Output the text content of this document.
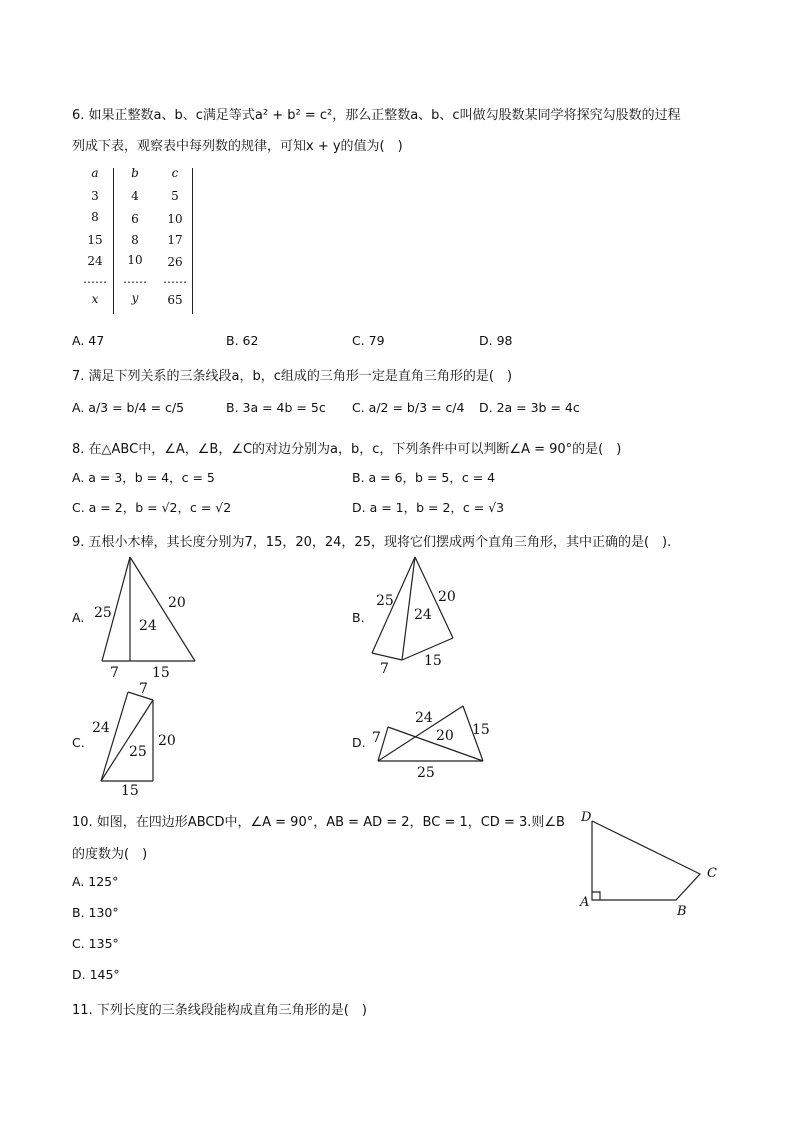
6. 如果正整数a、b、c满足等式a² + b² = c²，那么正整数a、b、c叫做勾股数某同学将探究勾股数的过程
列成下表，观察表中每列数的规律，可知x + y的值为(　)
a	b	c
3	4	5
8	6	10
15	8	17
24	10	26
……	……	……
x	y	65
A. 47	B. 62	C. 79	D. 98
7. 满足下列关系的三条线段a，b，c组成的三角形一定是直角三角形的是(　)
A. a/3 = b/4 = c/5	B. 3a = 4b = 5c C. a/2 = b/3 = c/4 D. 2a = 3b = 4c
8. 在△ABC中，∠A，∠B，∠C的对边分别为a，b，c，下列条件中可以判断∠A = 90°的是(　)
A. a = 3，b = 4，c = 5	B. a = 6，b = 5，c = 4
C. a = 2，b = √2，c = √2	D. a = 1，b = 2，c = √3
9. 五根小木棒，其长度分别为7，15，20，24，25，现将它们摆成两个直角三角形，其中正确的是(　).
A. 25
24
20
7 15
B.
25	20
24
7	15
C.
7
24
25
20
15
D. 7
24
20 15
25
10. 如图，在四边形ABCD中，∠A = 90°，AB = AD = 2，BC = 1，CD = 3.则∠B
的度数为(　)
A. 125°
B. 130°
C. 135°
D. 145°
D
C
A
B
11. 下列长度的三条线段能构成直角三角形的是(　)
